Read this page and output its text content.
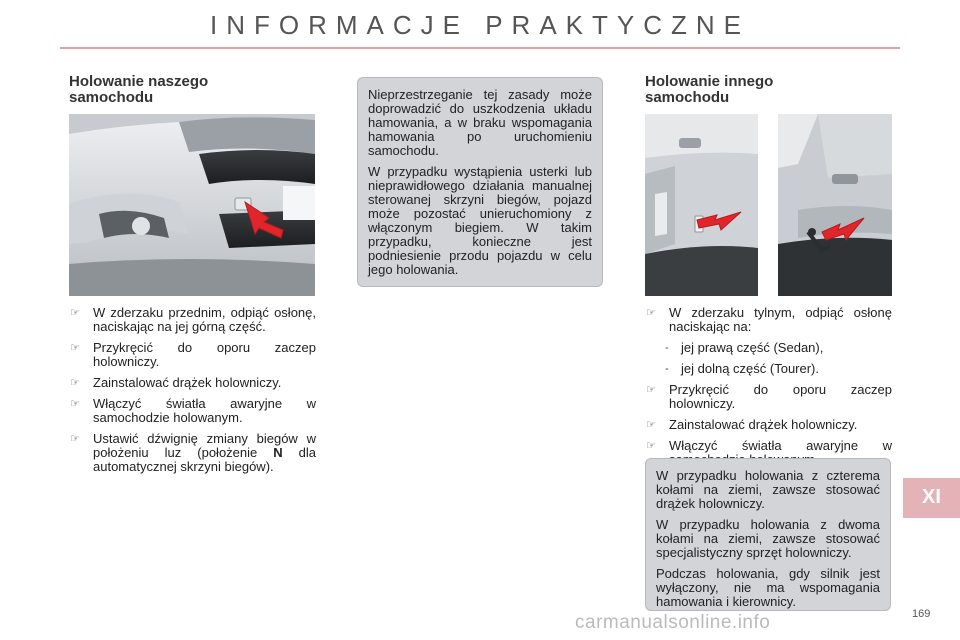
INFORMACJE PRAKTYCZNE
Holowanie naszego
samochodu
☞ W zderzaku przednim, odpiąć osłonę, naciskając na jej górną część.
☞ Przykręcić do oporu zaczep holowniczy.
☞ Zainstalować drążek holowniczy.
☞ Włączyć światła awaryjne w samochodzie holowanym.
☞ Ustawić dźwignię zmiany biegów w położeniu luz (położenie N dla automatycznej skrzyni biegów).

Nieprzestrzeganie tej zasady może doprowadzić do uszkodzenia układu hamowania, a w braku wspomagania hamowania po uruchomieniu samochodu.

W przypadku wystąpienia usterki lub nieprawidłowego działania manualnej sterowanej skrzyni biegów, pojazd może pozostać unieruchomiony z włączonym biegiem. W takim przypadku, konieczne jest podniesienie przodu pojazdu w celu jego holowania.

Holowanie innego
samochodu
☞ W zderzaku tylnym, odpiąć osłonę naciskając na:
- jej prawą część (Sedan),
- jej dolną część (Tourer).
☞ Przykręcić do oporu zaczep holowniczy.
☞ Zainstalować drążek holowniczy.
☞ Włączyć światła awaryjne w

W przypadku holowania z czterema kołami na ziemi, zawsze stosować drążek holowniczy.

W przypadku holowania z dwoma kołami na ziemi, zawsze stosować specjalistyczny sprzęt holowniczy.

Podczas holowania, gdy silnik jest wyłączony, nie ma wspomagania hamowania i kierownicy.

XI
169
carmanualsonline.info
